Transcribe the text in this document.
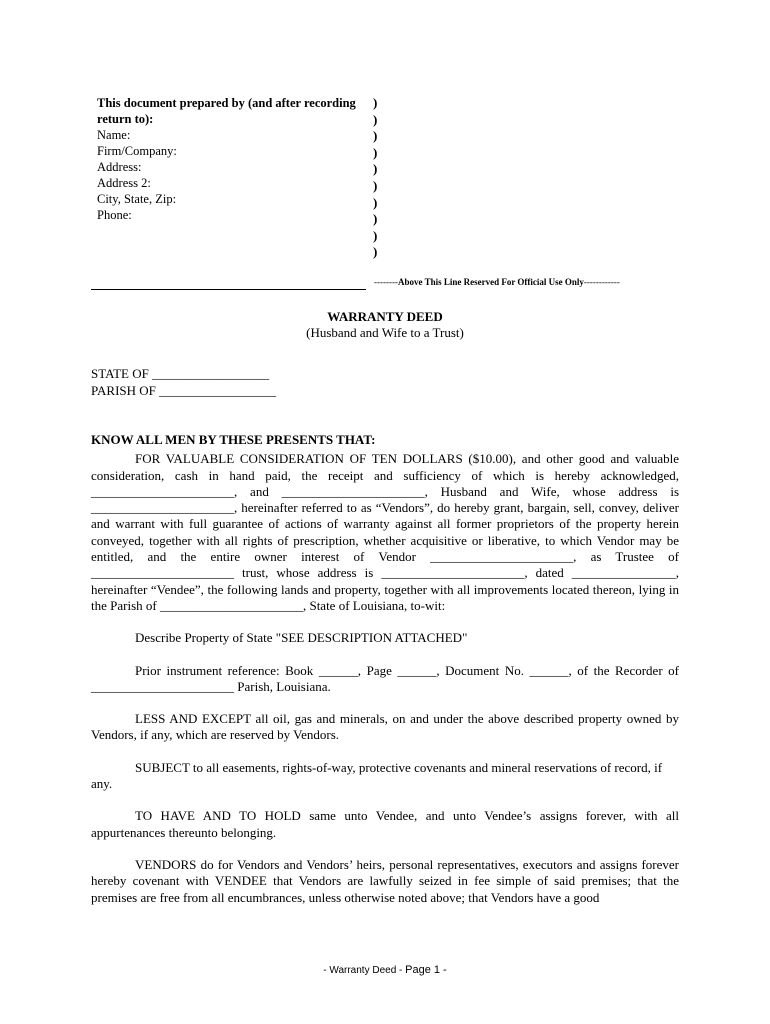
This document prepared by (and after recording return to):
Name:
Firm/Company:
Address:
Address 2:
City, State, Zip:
Phone:
)
)
)
)
)
)
)
)
)
)
--------Above This Line Reserved For Official Use Only------------
WARRANTY DEED
(Husband and Wife to a Trust)
STATE OF __________________
PARISH OF __________________

KNOW ALL MEN BY THESE PRESENTS THAT:

FOR VALUABLE CONSIDERATION OF TEN DOLLARS ($10.00), and other good and valuable consideration, cash in hand paid, the receipt and sufficiency of which is hereby acknowledged, ______________________, and ______________________, Husband and Wife, whose address is ______________________, hereinafter referred to as “Vendors”, do hereby grant, bargain, sell, convey, deliver and warrant with full guarantee of actions of warranty against all former proprietors of the property herein conveyed, together with all rights of prescription, whether acquisitive or liberative, to which Vendor may be entitled, and the entire owner interest of Vendor ______________________, as Trustee of ______________________ trust, whose address is ______________________, dated ________________, hereinafter “Vendee”, the following lands and property, together with all improvements located thereon, lying in the Parish of ______________________, State of Louisiana, to-wit:

Describe Property of State "SEE DESCRIPTION ATTACHED"

Prior instrument reference: Book ______, Page ______, Document No. ______, of the Recorder of ______________________ Parish, Louisiana.

LESS AND EXCEPT all oil, gas and minerals, on and under the above described property owned by Vendors, if any, which are reserved by Vendors.

SUBJECT to all easements, rights-of-way, protective covenants and mineral reservations of record, if any.

TO HAVE AND TO HOLD same unto Vendee, and unto Vendee’s assigns forever, with all appurtenances thereunto belonging.

VENDORS do for Vendors and Vendors’ heirs, personal representatives, executors and assigns forever hereby covenant with VENDEE that Vendors are lawfully seized in fee simple of said premises; that the premises are free from all encumbrances, unless otherwise noted above; that Vendors have a good

- Warranty Deed - Page 1 -
